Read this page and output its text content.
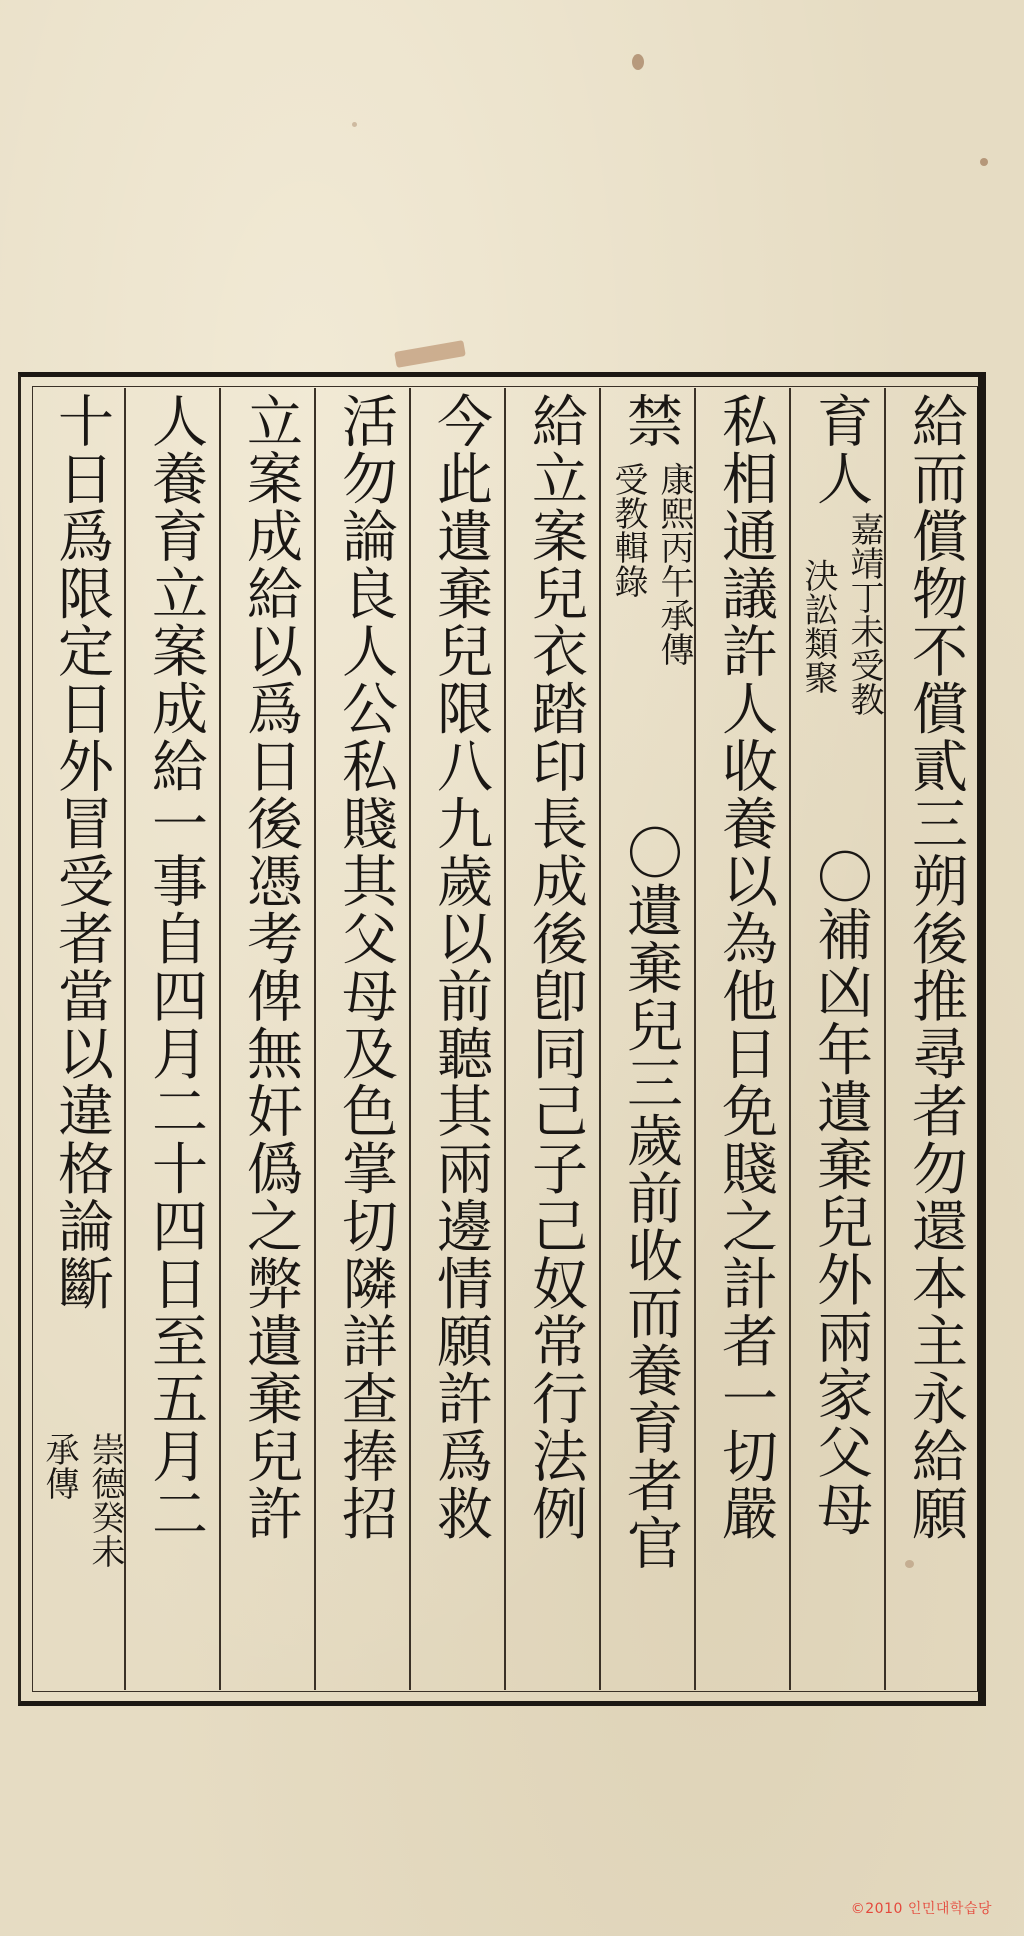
給而償物不償貳三朔後推尋者勿還本主永給願
育人
嘉靖丁未受教
決訟類聚
〇補凶年遺棄兒外兩家父母
私相通議許人收養以為他日免賤之計者一切嚴
禁
康熙丙午承傳
受教輯錄
〇遺棄兒三歲前收而養育者官
給立案兒衣踏印長成後卽同己子己奴常行法例
今此遺棄兒限八九歲以前聽其兩邊情願許爲救
活勿論良人公私賤其父母及色掌切隣詳查捧招
立案成給以爲日後憑考俾無奸僞之弊遺棄兒許
人養育立案成給一事自四月二十四日至五月二
十日爲限定日外冒受者當以違格論斷
崇德癸未
承傳
©2010 인민대학습당
